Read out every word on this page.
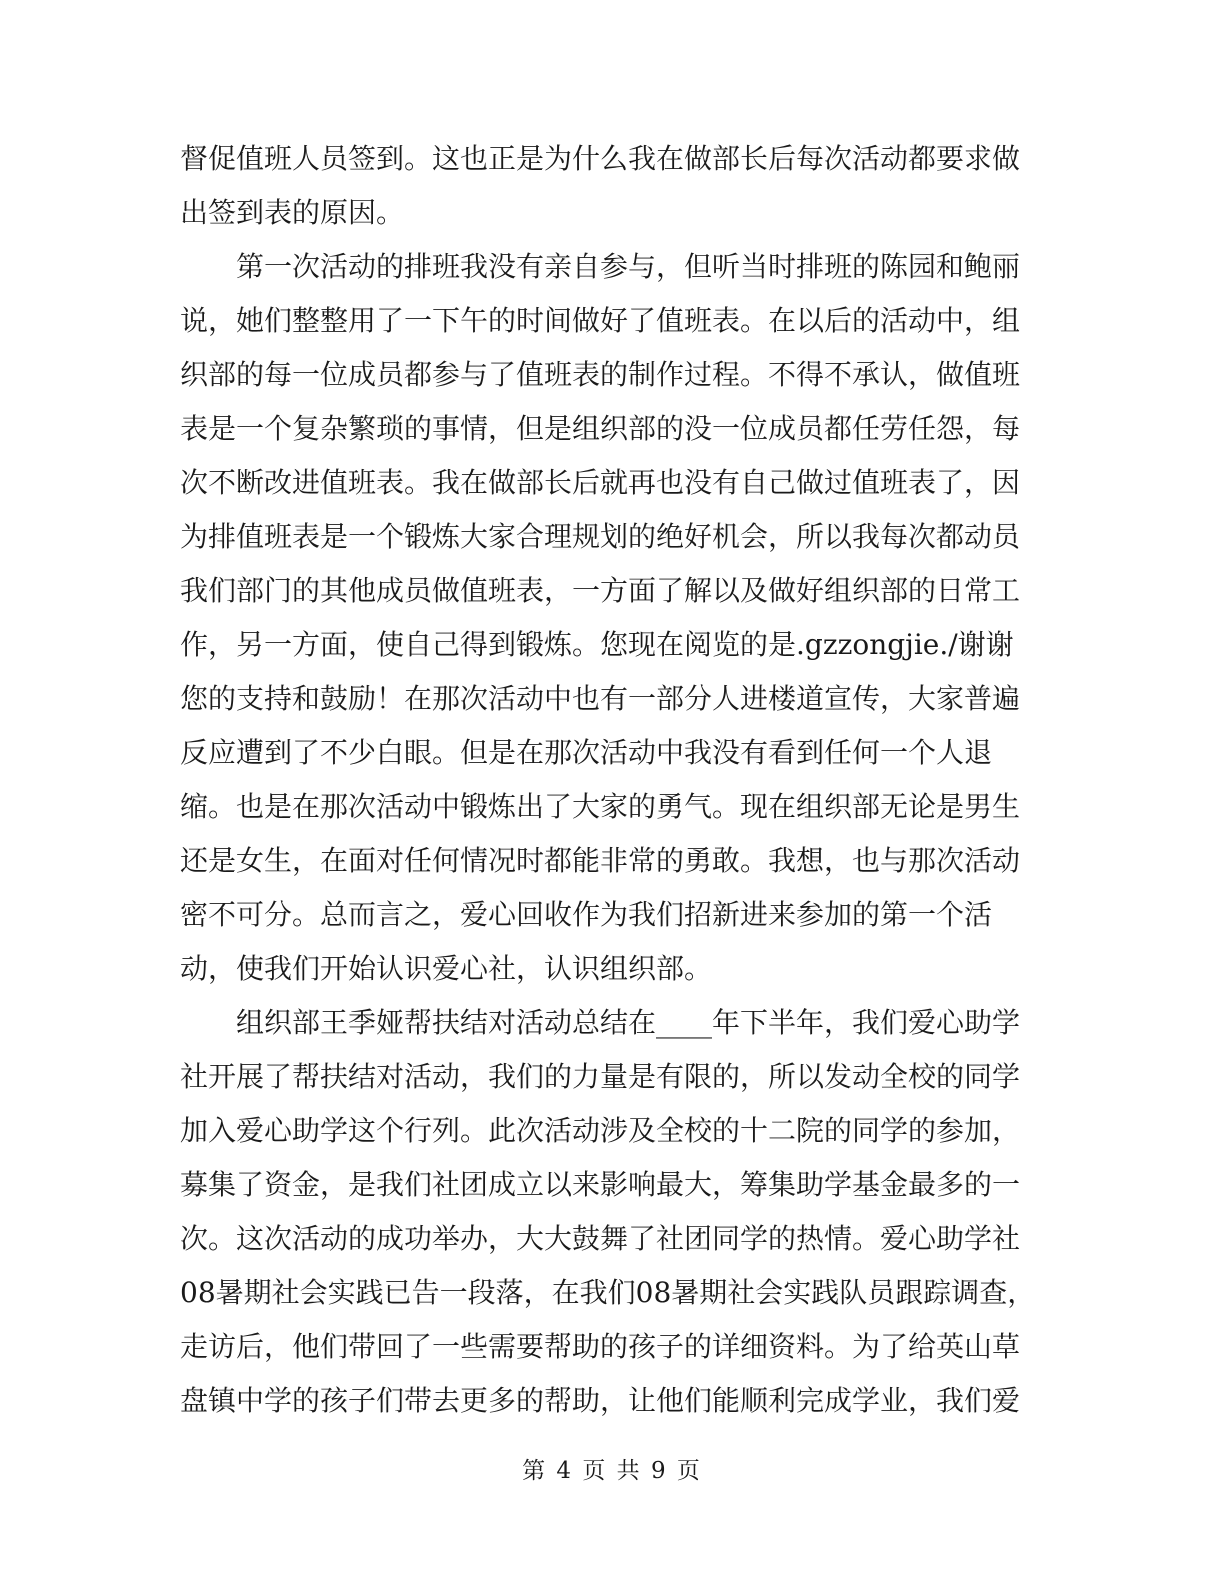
督促值班人员签到。这也正是为什么我在做部长后每次活动都要求做
出签到表的原因。
　　第一次活动的排班我没有亲自参与，但听当时排班的陈园和鲍丽
说，她们整整用了一下午的时间做好了值班表。在以后的活动中，组
织部的每一位成员都参与了值班表的制作过程。不得不承认，做值班
表是一个复杂繁琐的事情，但是组织部的没一位成员都任劳任怨，每
次不断改进值班表。我在做部长后就再也没有自己做过值班表了，因
为排值班表是一个锻炼大家合理规划的绝好机会，所以我每次都动员
我们部门的其他成员做值班表，一方面了解以及做好组织部的日常工
作，另一方面，使自己得到锻炼。您现在阅览的是.gzzongjie./谢谢
您的支持和鼓励！在那次活动中也有一部分人进楼道宣传，大家普遍
反应遭到了不少白眼。但是在那次活动中我没有看到任何一个人退
缩。也是在那次活动中锻炼出了大家的勇气。现在组织部无论是男生
还是女生，在面对任何情况时都能非常的勇敢。我想，也与那次活动
密不可分。总而言之，爱心回收作为我们招新进来参加的第一个活
动，使我们开始认识爱心社，认识组织部。
　　组织部王季娅帮扶结对活动总结在____年下半年，我们爱心助学
社开展了帮扶结对活动，我们的力量是有限的，所以发动全校的同学
加入爱心助学这个行列。此次活动涉及全校的十二院的同学的参加，
募集了资金，是我们社团成立以来影响最大，筹集助学基金最多的一
次。这次活动的成功举办，大大鼓舞了社团同学的热情。爱心助学社
08暑期社会实践已告一段落，在我们08暑期社会实践队员跟踪调查，
走访后，他们带回了一些需要帮助的孩子的详细资料。为了给英山草
盘镇中学的孩子们带去更多的帮助，让他们能顺利完成学业，我们爱
第 4 页 共 9 页
